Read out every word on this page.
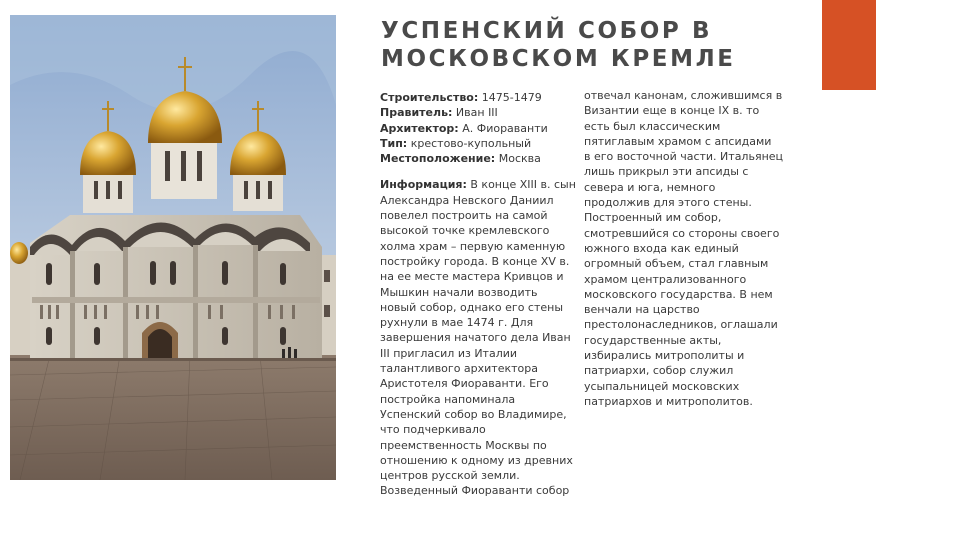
УСПЕНСКИЙ СОБОР В
МОСКОВСКОМ КРЕМЛЕ
Строительство: 1475-1479
Правитель: Иван III
Архитектор: А. Фиораванти
Тип: крестово-купольный
Местоположение: Москва
Информация: В конце XIII в. сын
Александра Невского Даниил
повелел построить на самой
высокой точке кремлевского
холма храм – первую каменную
постройку города. В конце XV в.
на ее месте мастера Кривцов и
Мышкин начали возводить
новый собор, однако его стены
рухнули в мае 1474 г. Для
завершения начатого дела Иван
III пригласил из Италии
талантливого архитектора
Аристотеля Фиораванти. Его
постройка напоминала
Успенский собор во Владимире,
что подчеркивало
преемственность Москвы по
отношению к одному из древних
центров русской земли.
Возведенный Фиораванти собор
отвечал канонам, сложившимся в
Византии еще в конце IX в. то
есть был классическим
пятиглавым храмом с апсидами
в его восточной части. Итальянец
лишь прикрыл эти апсиды с
севера и юга, немного
продолжив для этого стены.
Построенный им собор,
смотревшийся со стороны своего
южного входа как единый
огромный объем, стал главным
храмом централизованного
московского государства. В нем
венчали на царство
престолонаследников, оглашали
государственные акты,
избирались митрополиты и
патриархи, собор служил
усыпальницей московских
патриархов и митрополитов.
